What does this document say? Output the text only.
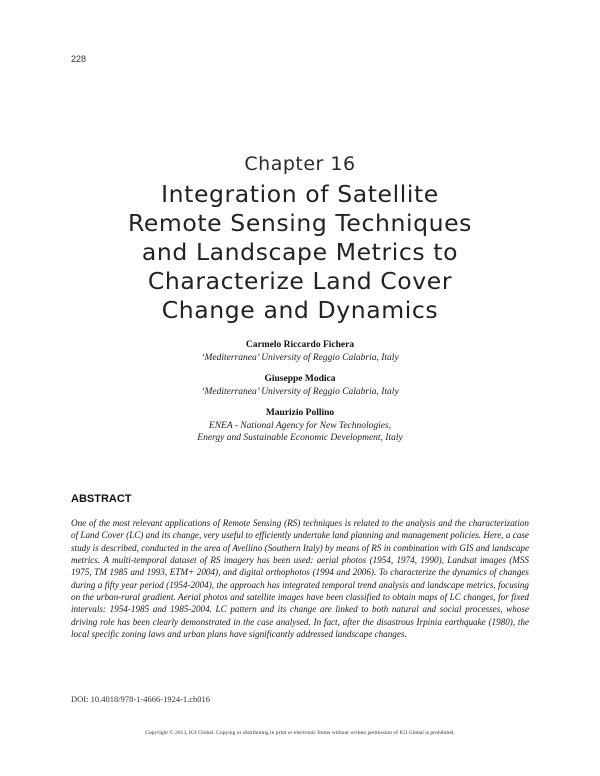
228
Chapter 16
Integration of Satellite
Remote Sensing Techniques
and Landscape Metrics to
Characterize Land Cover
Change and Dynamics
Carmelo Riccardo Fichera
‘Mediterranea’ University of Reggio Calabria, Italy
Giuseppe Modica
‘Mediterranea’ University of Reggio Calabria, Italy
Maurizio Pollino
ENEA - National Agency for New Technologies,
Energy and Sustainable Economic Development, Italy
ABSTRACT
One of the most relevant applications of Remote Sensing (RS) techniques is related to the analysis and the characterization of Land Cover (LC) and its change, very useful to efficiently undertake land planning and management policies. Here, a case study is described, conducted in the area of Avellino (Southern Italy) by means of RS in combination with GIS and landscape metrics. A multi-temporal dataset of RS imagery has been used: aerial photos (1954, 1974, 1990), Landsat images (MSS 1975, TM 1985 and 1993, ETM+ 2004), and digital orthophotos (1994 and 2006). To characterize the dynamics of changes during a fifty year period (1954-2004), the approach has integrated temporal trend analysis and landscape metrics, focusing on the urban-rural gradient. Aerial photos and satellite images have been classified to obtain maps of LC changes, for fixed intervals: 1954-1985 and 1985-2004. LC pattern and its change are linked to both natural and social processes, whose driving role has been clearly demonstrated in the case analysed. In fact, after the disastrous Irpinia earthquake (1980), the local specific zoning laws and urban plans have significantly addressed landscape changes.
DOI: 10.4018/978-1-4666-1924-1.ch016
Copyright © 2013, IGI Global. Copying or distributing in print or electronic forms without written permission of IGI Global is prohibited.
